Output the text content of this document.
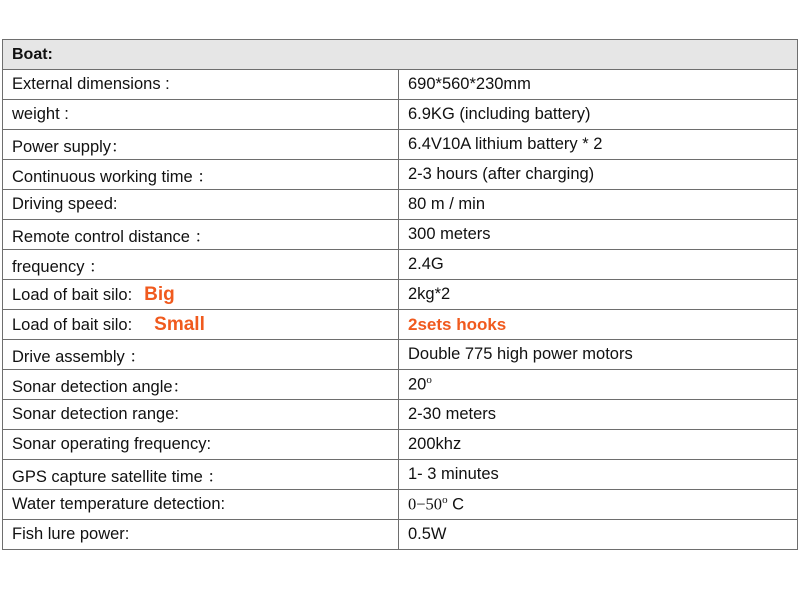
Boat:	
External dimensions :	690*560*230mm
weight :	6.9KG (including battery)
Power supply：	6.4V10A lithium battery * 2
Continuous working time ：	2-3 hours (after charging)
Driving speed:	80 m / min
Remote control distance ：	300 meters
frequency ：	2.4G
Load of bait silo: Big	2kg*2
Load of bait silo: Small	2sets hooks
Drive assembly ：	Double 775 high power motors
Sonar detection angle：	20$^o$
Sonar detection range:	2-30 meters
Sonar operating frequency:	200khz
GPS capture satellite time ：	1- 3 minutes
Water temperature detection:	$0-50^o$ C
Fish lure power:	0.5W
